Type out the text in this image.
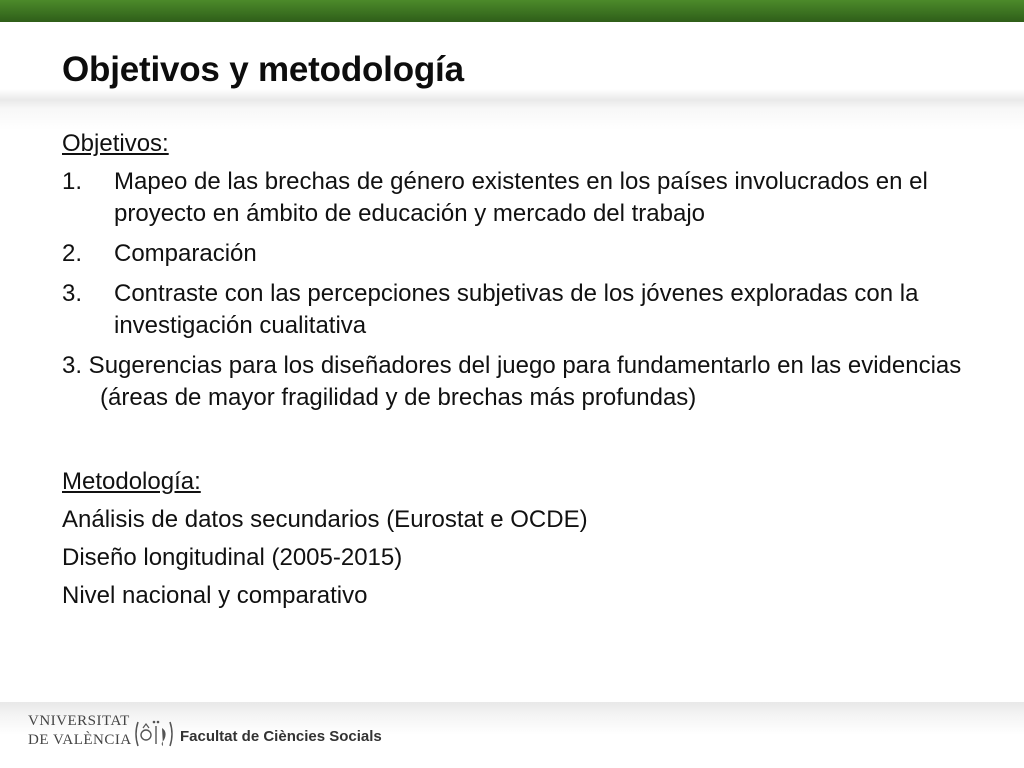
Objetivos y metodología
Objetivos:
1.	Mapeo de las brechas de género existentes en los países involucrados en el proyecto en ámbito de educación y mercado del trabajo
2.	Comparación
3.	Contraste con las percepciones subjetivas de los jóvenes exploradas con la investigación cualitativa
3. Sugerencias para los diseñadores del juego para fundamentarlo en las evidencias (áreas de mayor fragilidad y de brechas más profundas)
Metodología:
Análisis de datos secundarios (Eurostat e OCDE)
Diseño longitudinal (2005-2015)
Nivel nacional y comparativo
VNIVERSITAT
DE VALÈNCIA	Facultat de Ciències Socials
